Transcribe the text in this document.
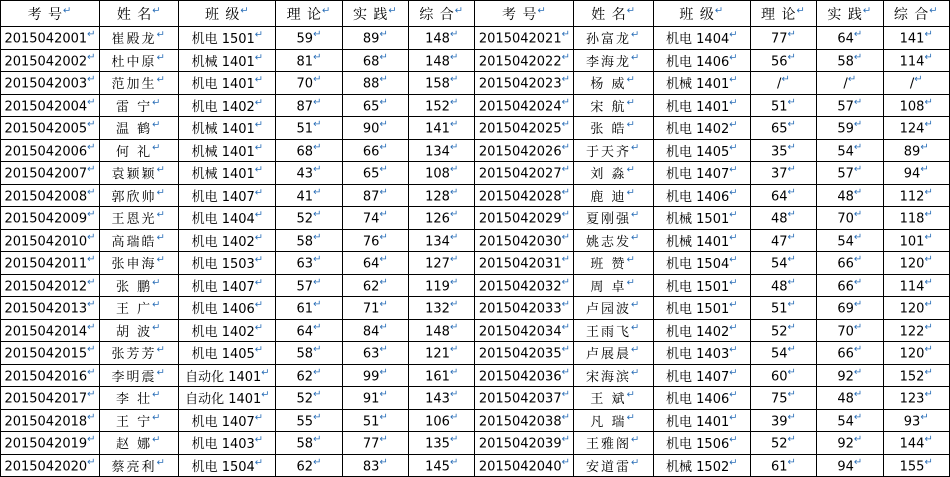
考 号↵	姓 名↵	班 级↵	理 论↵	实 践↵	综 合↵	考 号↵	姓 名↵	班 级↵	理 论↵	实 践↵	综 合↵
2015042001↵	崔殿龙↵	机电 1501↵	59↵	89↵	148↵	2015042021↵	孙富龙↵	机电 1404↵	77↵	64↵	141↵
2015042002↵	杜中原↵	机械 1401↵	81↵	68↵	148↵	2015042022↵	李海龙↵	机电 1406↵	56↵	58↵	114↵
2015042003↵	范加生↵	机电 1401↵	70↵	88↵	158↵	2015042023↵	杨 威↵	机械 1401↵	/↵	/↵	/↵
2015042004↵	雷 宁↵	机电 1402↵	87↵	65↵	152↵	2015042024↵	宋 航↵	机电 1401↵	51↵	57↵	108↵
2015042005↵	温 鹤↵	机械 1401↵	51↵	90↵	141↵	2015042025↵	张 皓↵	机电 1402↵	65↵	59↵	124↵
2015042006↵	何 礼↵	机械 1401↵	68↵	66↵	134↵	2015042026↵	于天齐↵	机电 1405↵	35↵	54↵	89↵
2015042007↵	袁颖颖↵	机械 1401↵	43↵	65↵	108↵	2015042027↵	刘 淼↵	机电 1407↵	37↵	57↵	94↵
2015042008↵	郭欣帅↵	机电 1407↵	41↵	87↵	128↵	2015042028↵	鹿 迪↵	机电 1406↵	64↵	48↵	112↵
2015042009↵	王恩光↵	机电 1404↵	52↵	74↵	126↵	2015042029↵	夏刚强↵	机械 1501↵	48↵	70↵	118↵
2015042010↵	高瑞皓↵	机电 1402↵	58↵	76↵	134↵	2015042030↵	姚志发↵	机械 1401↵	47↵	54↵	101↵
2015042011↵	张申海↵	机电 1503↵	63↵	64↵	127↵	2015042031↵	班 赞↵	机电 1504↵	54↵	66↵	120↵
2015042012↵	张 鹏↵	机电 1407↵	57↵	62↵	119↵	2015042032↵	周 卓↵	机电 1501↵	48↵	66↵	114↵
2015042013↵	王 广↵	机电 1406↵	61↵	71↵	132↵	2015042033↵	卢园波↵	机电 1501↵	51↵	69↵	120↵
2015042014↵	胡 波↵	机电 1402↵	64↵	84↵	148↵	2015042034↵	王雨飞↵	机电 1402↵	52↵	70↵	122↵
2015042015↵	张芳芳↵	机电 1405↵	58↵	63↵	121↵	2015042035↵	卢展晨↵	机电 1403↵	54↵	66↵	120↵
2015042016↵	李明震↵	自动化 1401↵	62↵	99↵	161↵	2015042036↵	宋海滨↵	机电 1407↵	60↵	92↵	152↵
2015042017↵	李 壮↵	自动化 1401↵	52↵	91↵	143↵	2015042037↵	王 斌↵	机电 1406↵	75↵	48↵	123↵
2015042018↵	王 宁↵	机电 1407↵	55↵	51↵	106↵	2015042038↵	凡 瑞↵	机电 1401↵	39↵	54↵	93↵
2015042019↵	赵 娜↵	机电 1403↵	58↵	77↵	135↵	2015042039↵	王雅阁↵	机电 1506↵	52↵	92↵	144↵
2015042020↵	蔡亮利↵	机电 1504↵	62↵	83↵	145↵	2015042040↵	安道雷↵	机械 1502↵	61↵	94↵	155↵
